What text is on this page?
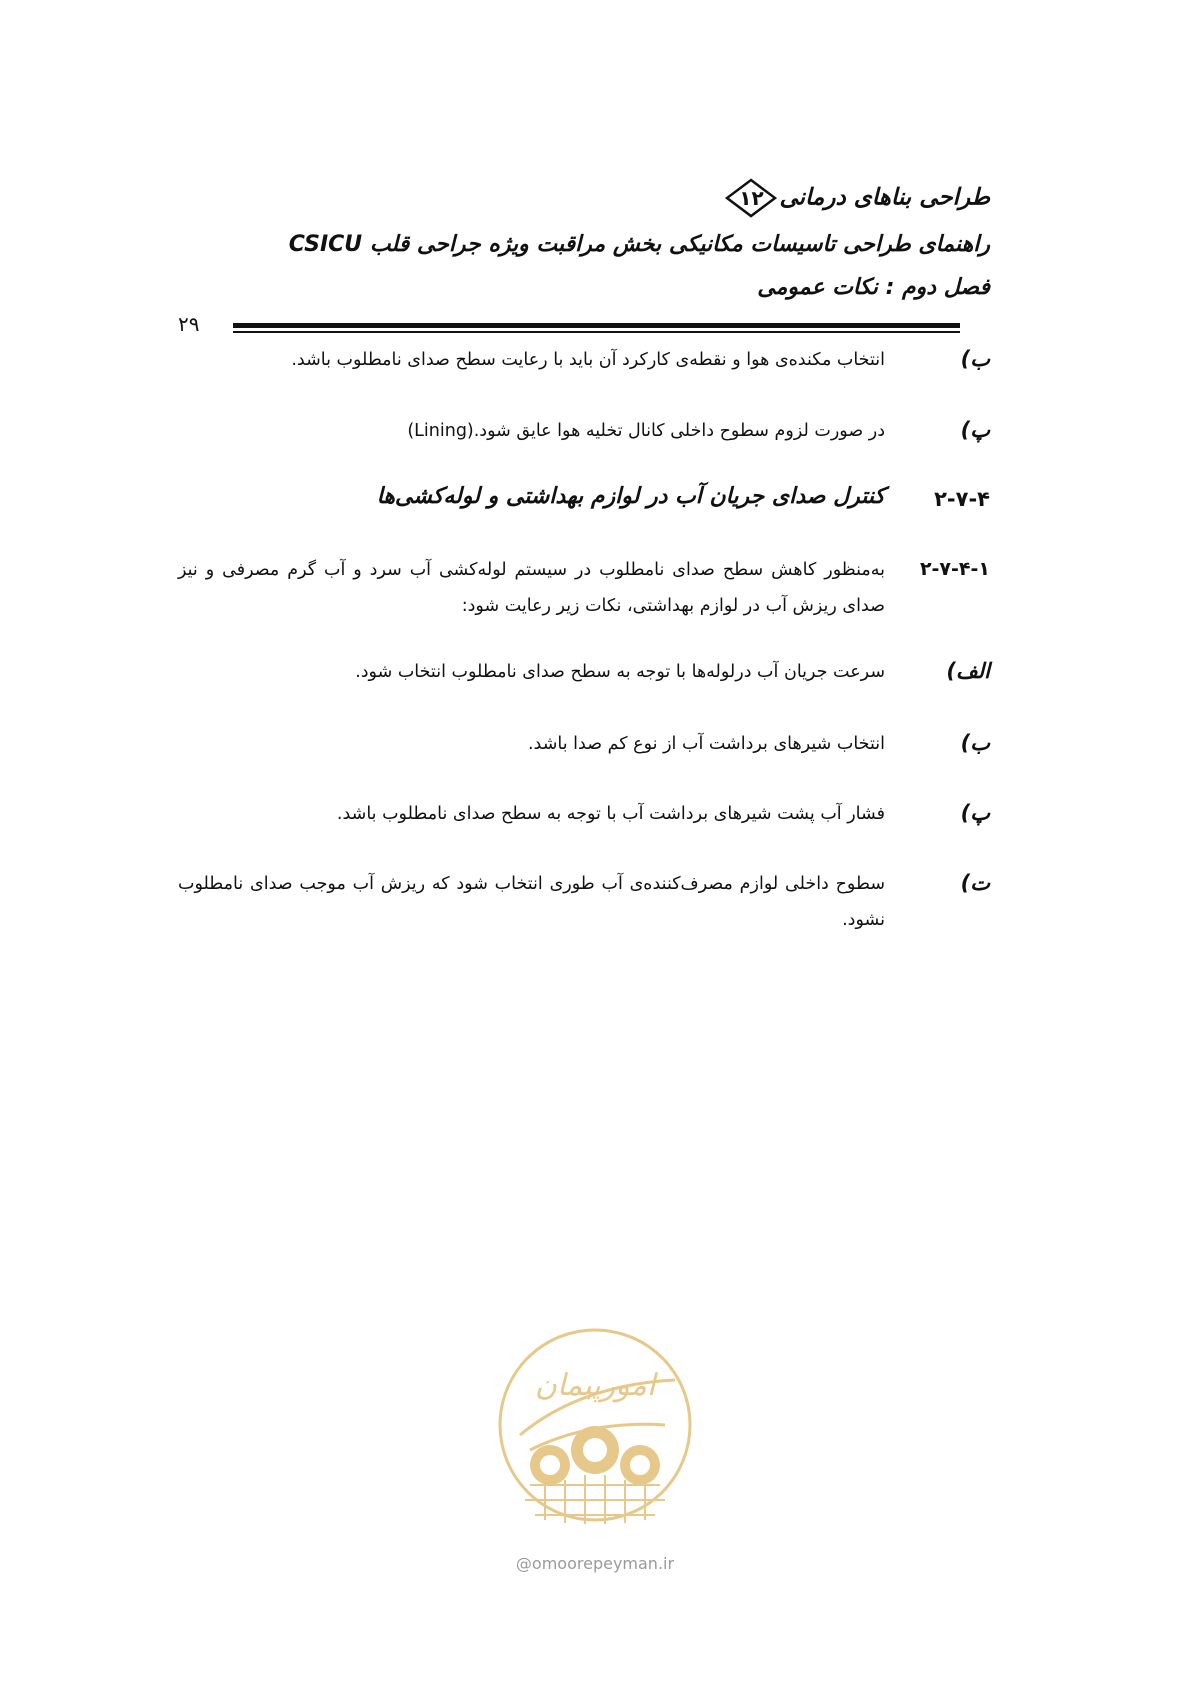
طراحی بناهای درمانی
۱۲
راهنمای طراحی تاسیسات مکانیکی بخش مراقبت ویژه جراحی قلب CSICU
فصل دوم : نکات عمومی
۲۹
ب)
انتخاب مکنده‌ی هوا و نقطه‌ی کارکرد آن باید با رعایت سطح صدای نامطلوب باشد.
پ)
در صورت لزوم سطوح داخلی کانال تخلیه هوا عایق شود.(Lining)
۲-۷-۴
کنترل صدای جریان آب در لوازم بهداشتی و لوله‌کشی‌ها
۲-۷-۴-۱
به‌منظور کاهش سطح صدای نامطلوب در سیستم لوله‌کشی آب سرد و آب گرم مصرفی و نیز صدای ریزش آب در لوازم بهداشتی، نکات زیر رعایت شود:
الف)
سرعت جریان آب درلوله‌ها با توجه به سطح صدای نامطلوب انتخاب شود.
ب)
انتخاب شیرهای برداشت آب از نوع کم صدا باشد.
پ)
فشار آب پشت شیرهای برداشت آب با توجه به سطح صدای نامطلوب باشد.
ت)
سطوح داخلی لوازم مصرف‌کننده‌ی آب طوری انتخاب شود که ریزش آب موجب صدای نامطلوب نشود.
امورپیمان
@omoorepeyman.ir
